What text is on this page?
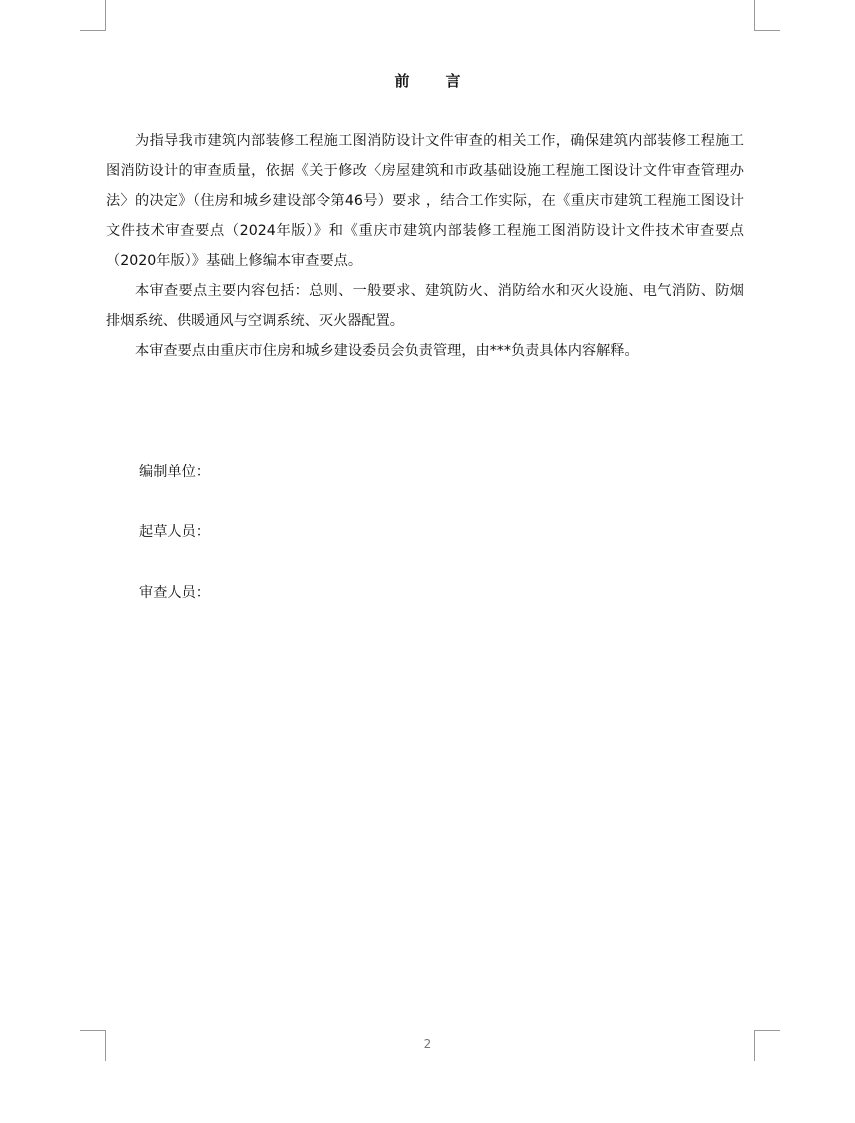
前言

为指导我市建筑内部装修工程施工图消防设计文件审查的相关工作，确保建筑内部装修工程施工图消防设计的审查质量，依据《关于修改〈房屋建筑和市政基础设施工程施工图设计文件审查管理办法〉的决定》（住房和城乡建设部令第46号）要求 ，结合工作实际，在《重庆市建筑工程施工图设计文件技术审查要点（2024年版）》和《重庆市建筑内部装修工程施工图消防设计文件技术审查要点（2020年版）》基础上修编本审查要点。

本审查要点主要内容包括：总则、一般要求、建筑防火、消防给水和灭火设施、电气消防、防烟排烟系统、供暖通风与空调系统、灭火器配置。

本审查要点由重庆市住房和城乡建设委员会负责管理，由***负责具体内容解释。

编制单位：

起草人员：

审查人员：

2
